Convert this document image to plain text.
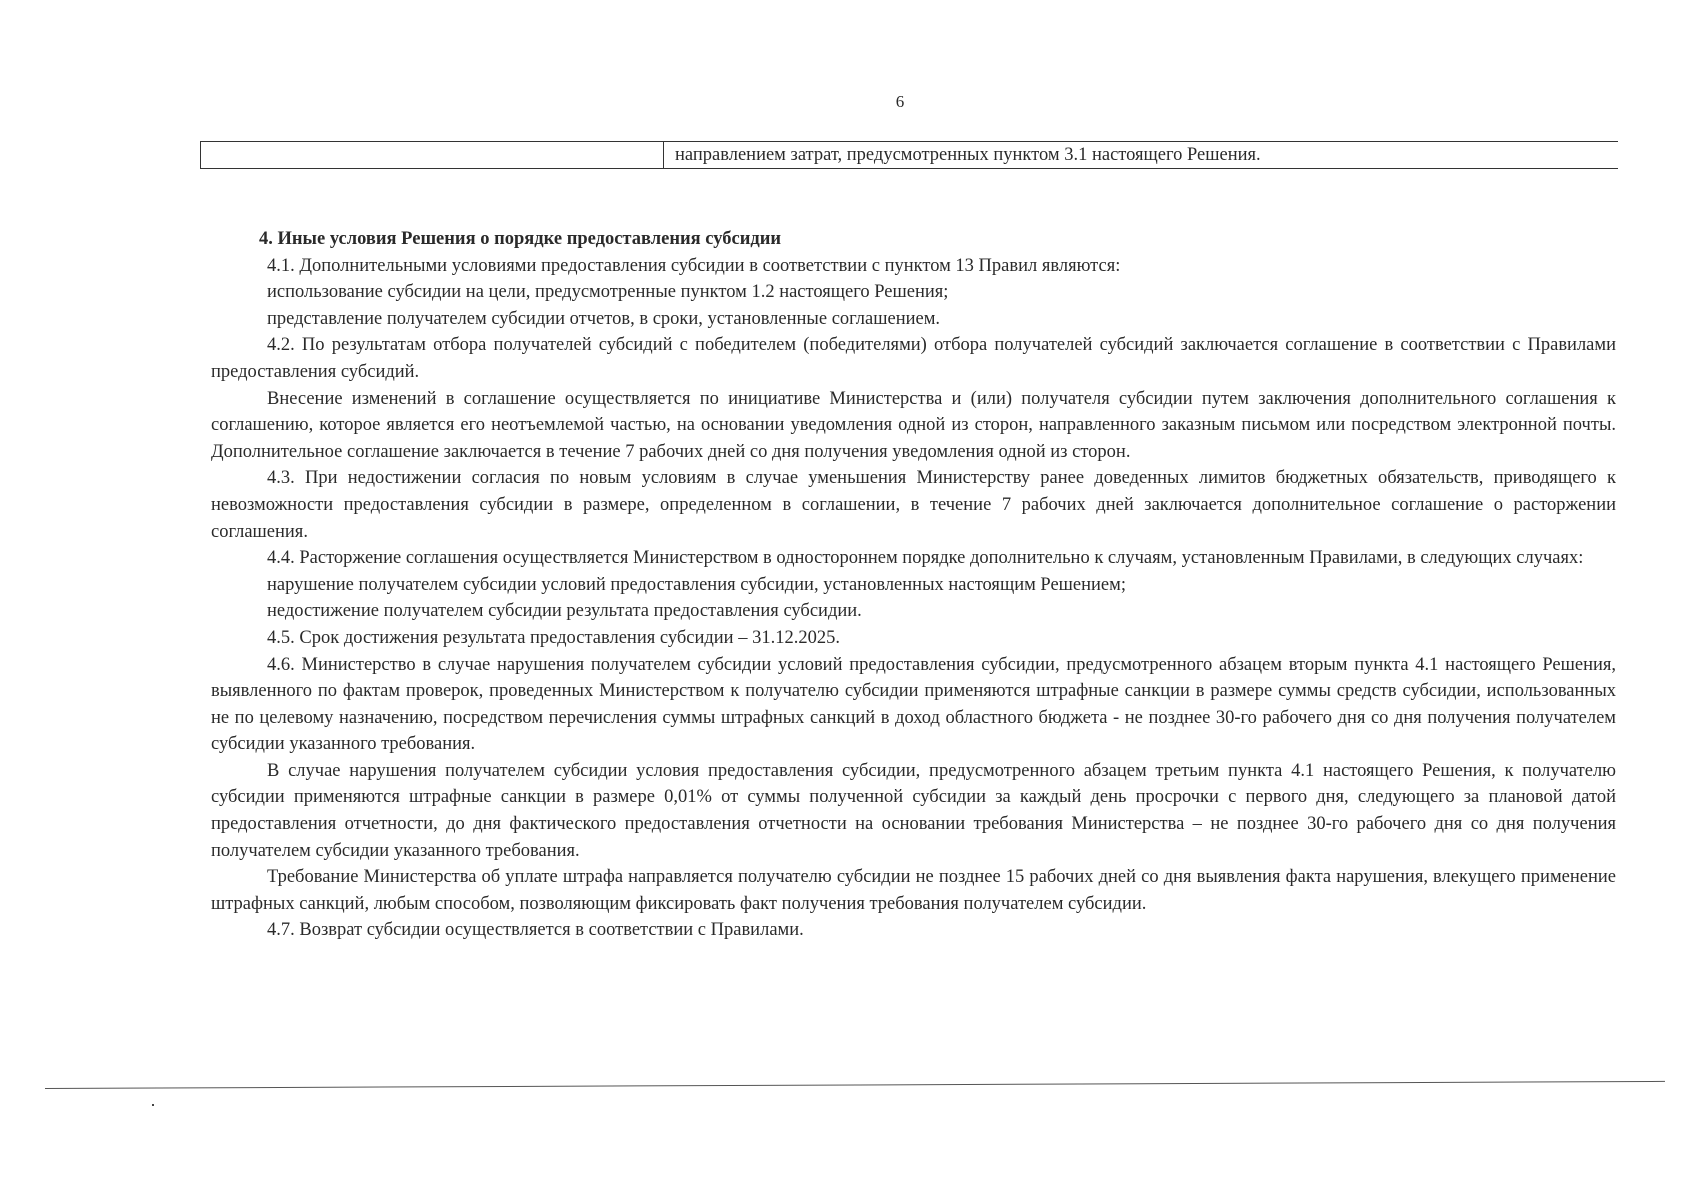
6
направлением затрат, предусмотренных пунктом 3.1 настоящего Решения.

4. Иные условия Решения о порядке предоставления субсидии

4.1. Дополнительными условиями предоставления субсидии в соответствии с пунктом 13 Правил являются:

использование субсидии на цели, предусмотренные пунктом 1.2 настоящего Решения;

представление получателем субсидии отчетов, в сроки, установленные соглашением.

4.2. По результатам отбора получателей субсидий с победителем (победителями) отбора получателей субсидий заключается соглашение в соответствии с Правилами предоставления субсидий.

Внесение изменений в соглашение осуществляется по инициативе Министерства и (или) получателя субсидии путем заключения дополнительного соглашения к соглашению, которое является его неотъемлемой частью, на основании уведомления одной из сторон, направленного заказным письмом или посредством электронной почты. Дополнительное соглашение заключается в течение 7 рабочих дней со дня получения уведомления одной из сторон.

4.3. При недостижении согласия по новым условиям в случае уменьшения Министерству ранее доведенных лимитов бюджетных обязательств, приводящего к невозможности предоставления субсидии в размере, определенном в соглашении, в течение 7 рабочих дней заключается дополнительное соглашение о расторжении соглашения.

4.4. Расторжение соглашения осуществляется Министерством в одностороннем порядке дополнительно к случаям, установленным Правилами, в следующих случаях:

нарушение получателем субсидии условий предоставления субсидии, установленных настоящим Решением;

недостижение получателем субсидии результата предоставления субсидии.

4.5. Срок достижения результата предоставления субсидии – 31.12.2025.

4.6. Министерство в случае нарушения получателем субсидии условий предоставления субсидии, предусмотренного абзацем вторым пункта 4.1 настоящего Решения, выявленного по фактам проверок, проведенных Министерством к получателю субсидии применяются штрафные санкции в размере суммы средств субсидии, использованных не по целевому назначению, посредством перечисления суммы штрафных санкций в доход областного бюджета - не позднее 30-го рабочего дня со дня получения получателем субсидии указанного требования.

В случае нарушения получателем субсидии условия предоставления субсидии, предусмотренного абзацем третьим пункта 4.1 настоящего Решения, к получателю субсидии применяются штрафные санкции в размере 0,01% от суммы полученной субсидии за каждый день просрочки с первого дня, следующего за плановой датой предоставления отчетности, до дня фактического предоставления отчетности на основании требования Министерства – не позднее 30-го рабочего дня со дня получения получателем субсидии указанного требования.

Требование Министерства об уплате штрафа направляется получателю субсидии не позднее 15 рабочих дней со дня выявления факта нарушения, влекущего применение штрафных санкций, любым способом, позволяющим фиксировать факт получения требования получателем субсидии.

4.7. Возврат субсидии осуществляется в соответствии с Правилами.
